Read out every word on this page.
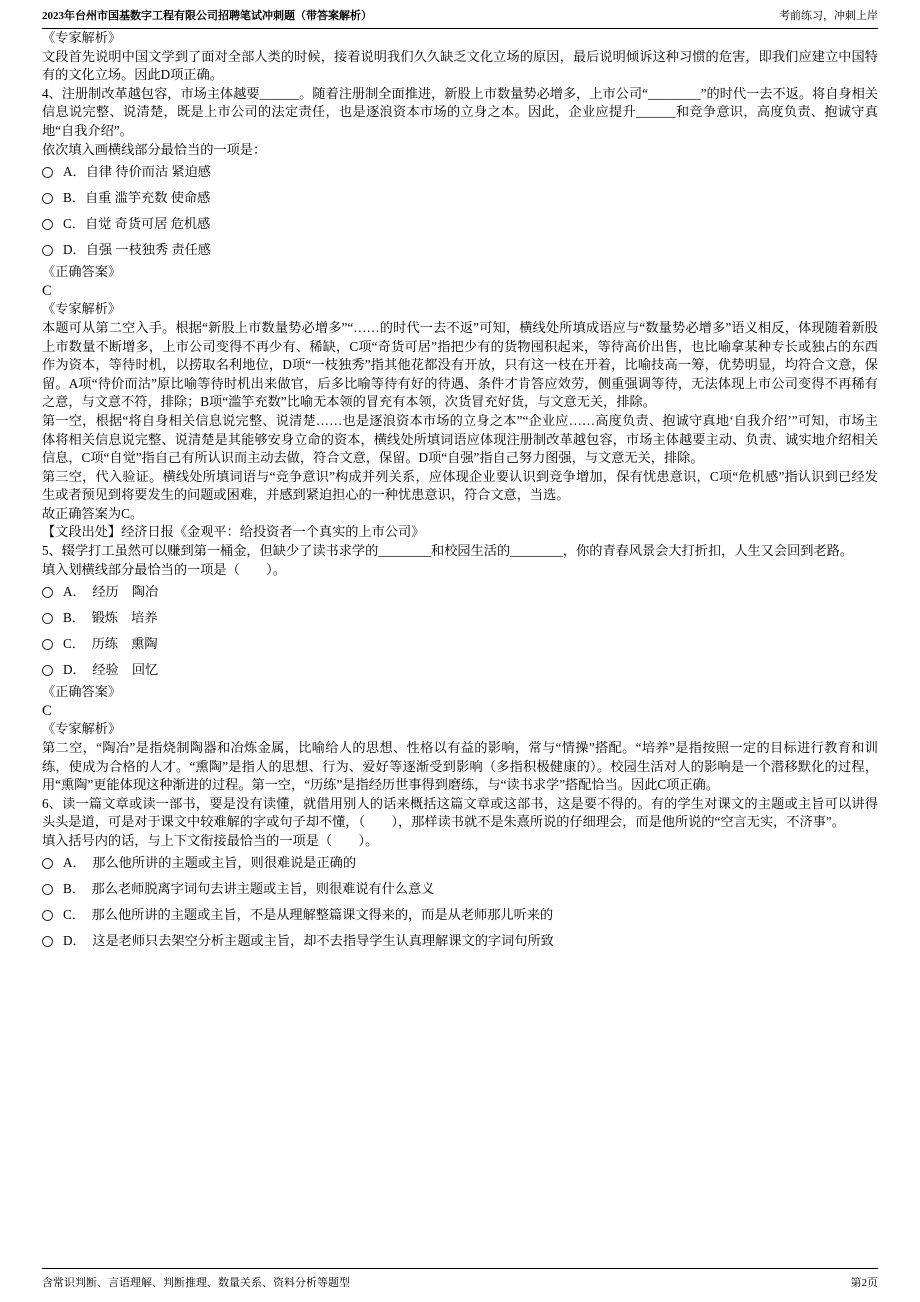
2023年台州市国基数字工程有限公司招聘笔试冲刺题（带答案解析）	考前练习，冲刺上岸
《专家解析》

文段首先说明中国文学到了面对全部人类的时候，接着说明我们久久缺乏文化立场的原因，最后说明倾诉这种习惯的危害，即我们应建立中国特有的文化立场。因此D项正确。

4、注册制改革越包容，市场主体越要______。随着注册制全面推进，新股上市数量势必增多，上市公司“________”的时代一去不返。将自身相关信息说完整、说清楚，既是上市公司的法定责任，也是逐浪资本市场的立身之本。因此，企业应提升______和竞争意识，高度负责、抱诚守真地“自我介绍”。

依次填入画横线部分最恰当的一项是：

A．自律 待价而沽 紧迫感
B．自重 滥竽充数 使命感
C．自觉 奇货可居 危机感
D．自强 一枝独秀 责任感
《正确答案》
C
《专家解析》

本题可从第二空入手。根据“新股上市数量势必增多”“……的时代一去不返”可知，横线处所填成语应与“数量势必增多”语义相反，体现随着新股上市数量不断增多，上市公司变得不再少有、稀缺，C项“奇货可居”指把少有的货物囤积起来，等待高价出售，也比喻拿某种专长或独占的东西作为资本，等待时机，以捞取名利地位，D项“一枝独秀”指其他花都没有开放，只有这一枝在开着，比喻技高一筹，优势明显，均符合文意，保留。A项“待价而沽”原比喻等待时机出来做官，后多比喻等待有好的待遇、条件才肯答应效劳，侧重强调等待，无法体现上市公司变得不再稀有之意，与文意不符，排除；B项“滥竽充数”比喻无本领的冒充有本领，次货冒充好货，与文意无关，排除。

第一空，根据“将自身相关信息说完整、说清楚……也是逐浪资本市场的立身之本”“企业应……高度负责、抱诚守真地‘自我介绍’”可知，市场主体将相关信息说完整、说清楚是其能够安身立命的资本，横线处所填词语应体现注册制改革越包容，市场主体越要主动、负责、诚实地介绍相关信息，C项“自觉”指自己有所认识而主动去做，符合文意，保留。D项“自强”指自己努力图强，与文意无关，排除。

第三空，代入验证。横线处所填词语与“竞争意识”构成并列关系，应体现企业要认识到竞争增加，保有忧患意识，C项“危机感”指认识到已经发生或者预见到将要发生的问题或困难，并感到紧迫担心的一种忧患意识，符合文意，当选。

故正确答案为C。

【文段出处】经济日报《金观平：给投资者一个真实的上市公司》

5、辍学打工虽然可以赚到第一桶金，但缺少了读书求学的________和校园生活的________，你的青春风景会大打折扣，人生又会回到老路。

填入划横线部分最恰当的一项是（　　）。

A．　经历　陶冶
B．　锻炼　培养
C．　历练　熏陶
D．　经验　回忆
《正确答案》
C
《专家解析》

第二空，“陶冶”是指烧制陶器和冶炼金属，比喻给人的思想、性格以有益的影响，常与“情操”搭配。“培养”是指按照一定的目标进行教育和训练，使成为合格的人才。“熏陶”是指人的思想、行为、爱好等逐渐受到影响（多指积极健康的）。校园生活对人的影响是一个潜移默化的过程，用“熏陶”更能体现这种渐进的过程。第一空，“历练”是指经历世事得到磨练，与“读书求学”搭配恰当。因此C项正确。

6、读一篇文章或读一部书，要是没有读懂，就借用别人的话来概括这篇文章或这部书，这是要不得的。有的学生对课文的主题或主旨可以讲得头头是道，可是对于课文中较难解的字或句子却不懂，（　　），那样读书就不是朱熹所说的仔细理会，而是他所说的“空言无实，不济事”。

填入括号内的话，与上下文衔接最恰当的一项是（　　）。

A．　那么他所讲的主题或主旨，则很难说是正确的
B．　那么老师脱离字词句去讲主题或主旨，则很难说有什么意义
C．　那么他所讲的主题或主旨，不是从理解整篇课文得来的，而是从老师那儿听来的
D．　这是老师只去架空分析主题或主旨，却不去指导学生认真理解课文的字词句所致
含常识判断、言语理解、判断推理、数量关系、资料分析等题型	第2页
